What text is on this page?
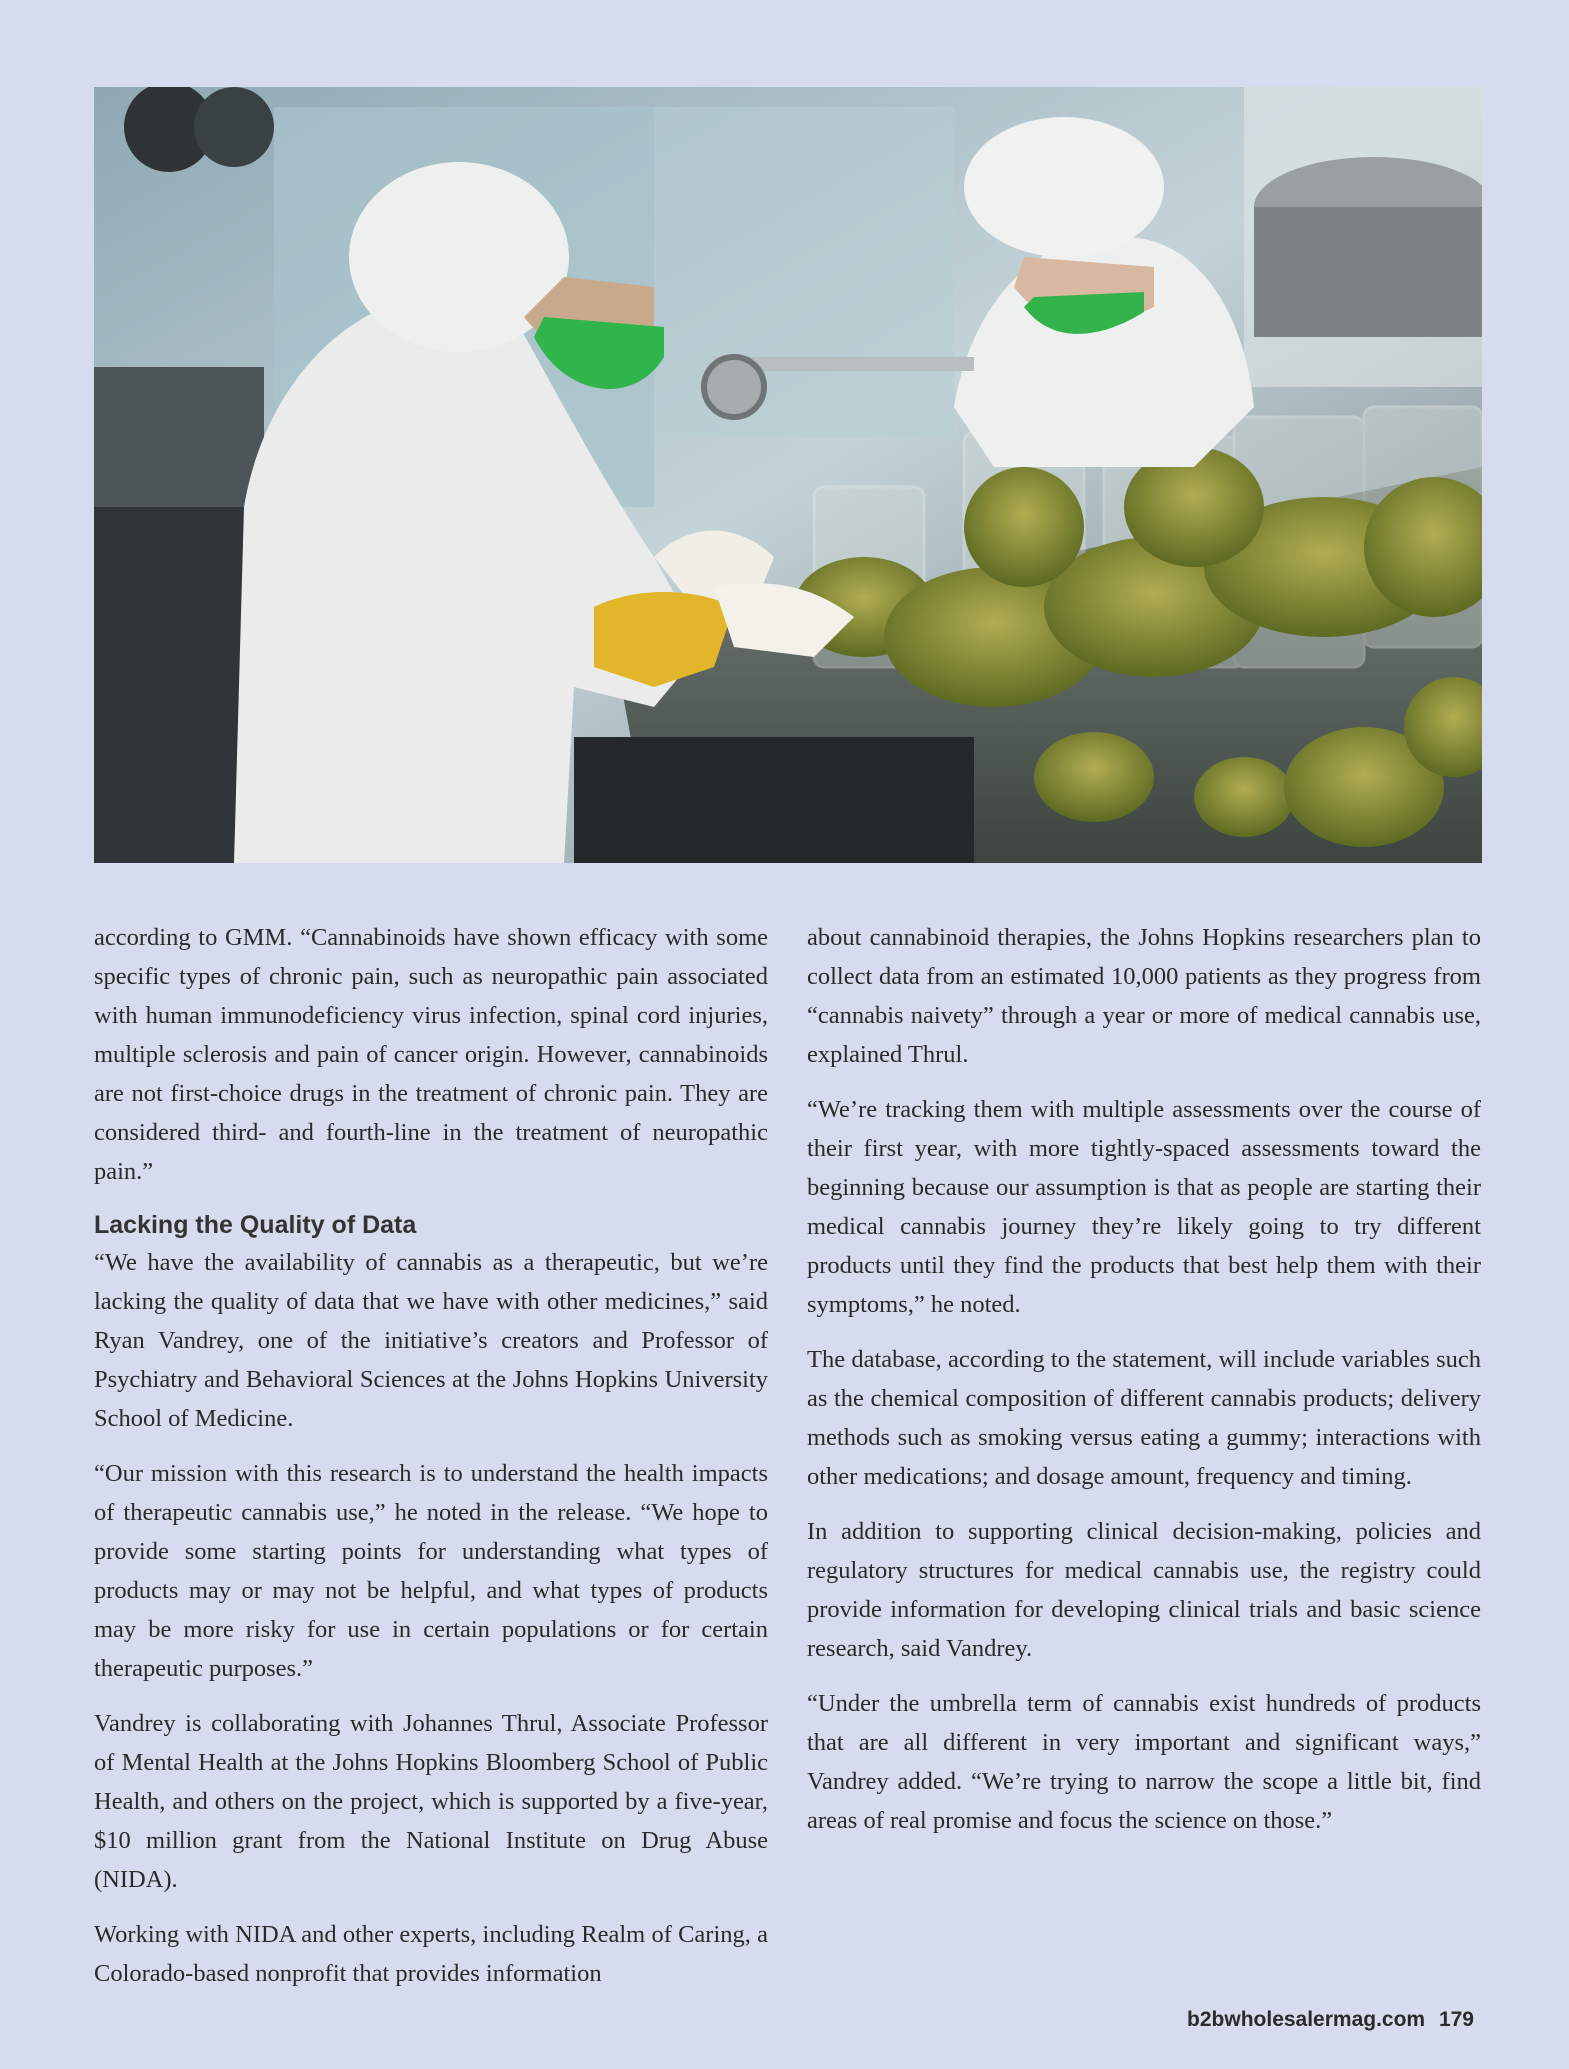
according to GMM. “Cannabinoids have shown efficacy with some specific types of chronic pain, such as neuropathic pain associated with human immunodeficiency virus infection, spinal cord injuries, multiple sclerosis and pain of cancer origin. However, cannabinoids are not first-choice drugs in the treatment of chronic pain. They are considered third- and fourth-line in the treatment of neuropathic pain.”

Lacking the Quality of Data

“We have the availability of cannabis as a therapeutic, but we’re lacking the quality of data that we have with other medicines,” said Ryan Vandrey, one of the initiative’s creators and Professor of Psychiatry and Behavioral Sciences at the Johns Hopkins University School of Medicine.

“Our mission with this research is to understand the health impacts of therapeutic cannabis use,” he noted in the release. “We hope to provide some starting points for understanding what types of products may or may not be helpful, and what types of products may be more risky for use in certain populations or for certain therapeutic purposes.”

Vandrey is collaborating with Johannes Thrul, Associate Professor of Mental Health at the Johns Hopkins Bloomberg School of Public Health, and others on the project, which is supported by a five-year, $10 million grant from the National Institute on Drug Abuse (NIDA).

Working with NIDA and other experts, including Realm of Caring, a Colorado-based nonprofit that provides information

about cannabinoid therapies, the Johns Hopkins researchers plan to collect data from an estimated 10,000 patients as they progress from “cannabis naivety” through a year or more of medical cannabis use, explained Thrul.

“We’re tracking them with multiple assessments over the course of their first year, with more tightly-spaced assessments toward the beginning because our assumption is that as people are starting their medical cannabis journey they’re likely going to try different products until they find the products that best help them with their symptoms,” he noted.

The database, according to the statement, will include variables such as the chemical composition of different cannabis products; delivery methods such as smoking versus eating a gummy; interactions with other medications; and dosage amount, frequency and timing.

In addition to supporting clinical decision-making, policies and regulatory structures for medical cannabis use, the registry could provide information for developing clinical trials and basic science research, said Vandrey.

“Under the umbrella term of cannabis exist hundreds of products that are all different in very important and significant ways,” Vandrey added. “We’re trying to narrow the scope a little bit, find areas of real promise and focus the science on those.”

b2bwholesalermag.com 179
